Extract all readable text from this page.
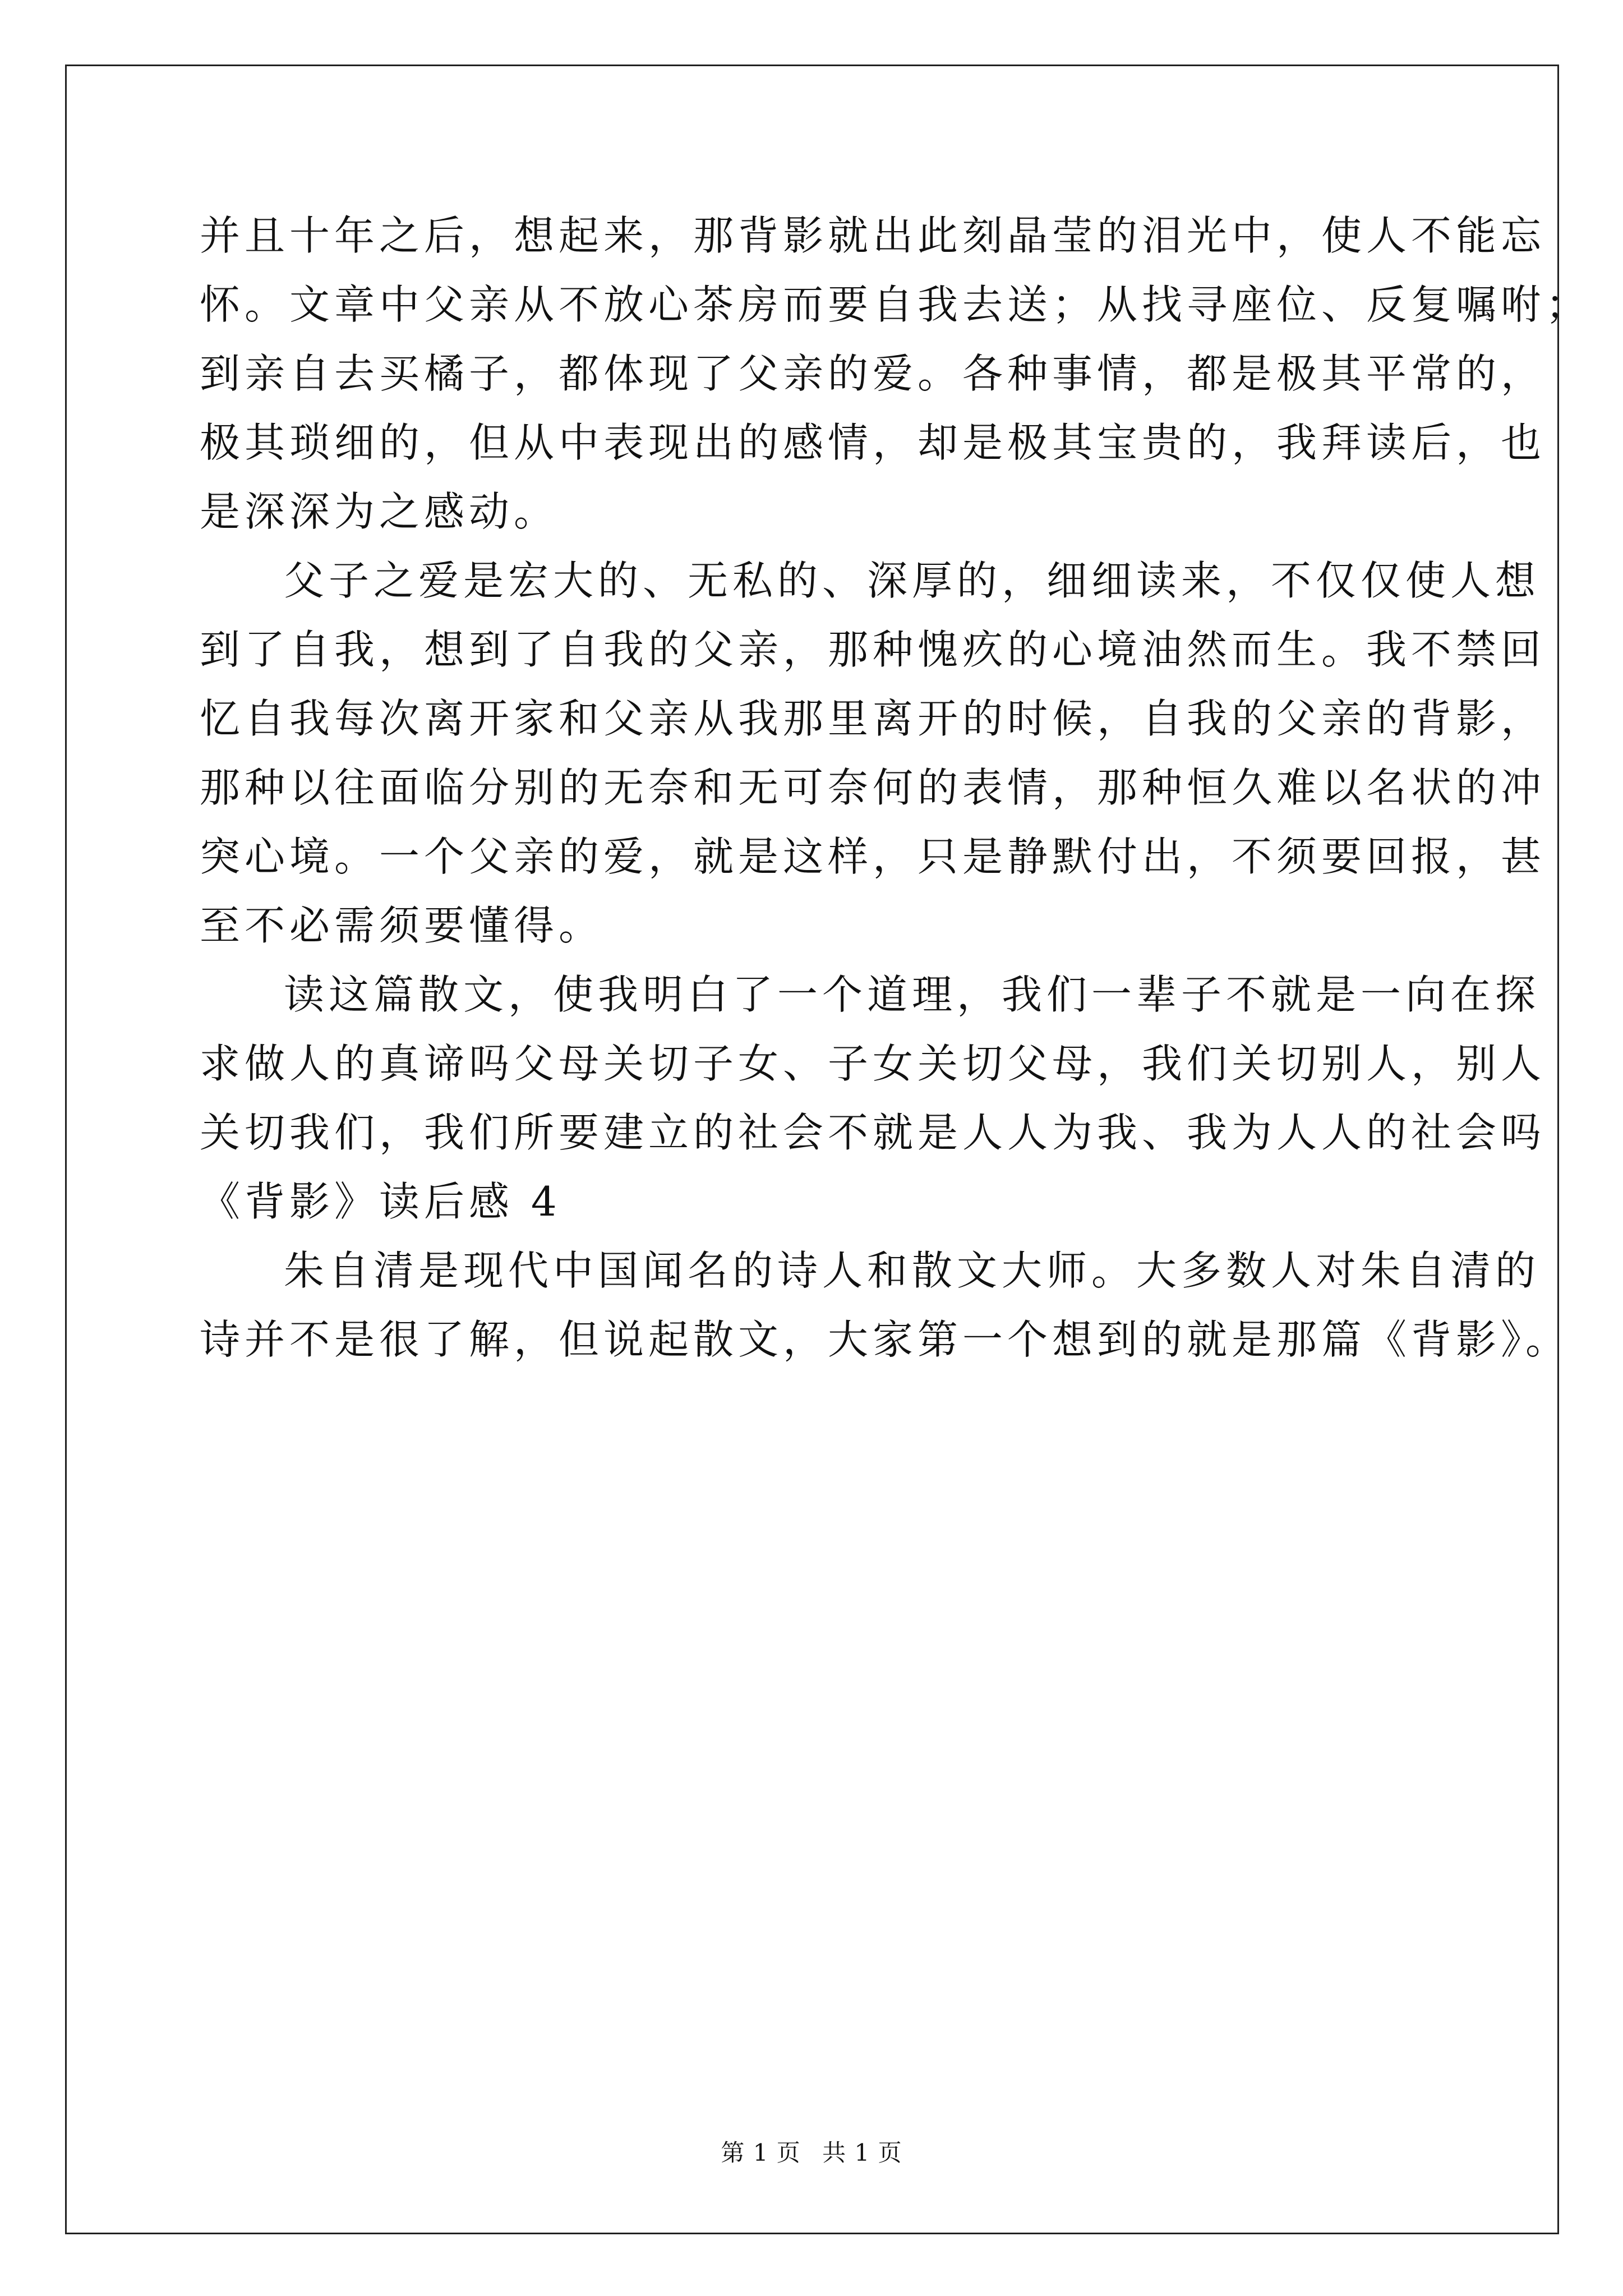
并且十年之后，想起来，那背影就出此刻晶莹的泪光中，使人不能忘
怀。文章中父亲从不放心茶房而要自我去送；从找寻座位、反复嘱咐；
到亲自去买橘子，都体现了父亲的爱。各种事情，都是极其平常的，
极其琐细的，但从中表现出的感情，却是极其宝贵的，我拜读后，也
是深深为之感动。
父子之爱是宏大的、无私的、深厚的，细细读来，不仅仅使人想
到了自我，想到了自我的父亲，那种愧疚的心境油然而生。我不禁回
忆自我每次离开家和父亲从我那里离开的时候，自我的父亲的背影，
那种以往面临分别的无奈和无可奈何的表情，那种恒久难以名状的冲
突心境。一个父亲的爱，就是这样，只是静默付出，不须要回报，甚
至不必需须要懂得。
读这篇散文，使我明白了一个道理，我们一辈子不就是一向在探
求做人的真谛吗父母关切子女、子女关切父母，我们关切别人，别人
关切我们，我们所要建立的社会不就是人人为我、我为人人的社会吗
《背影》读后感 4
朱自清是现代中国闻名的诗人和散文大师。大多数人对朱自清的
诗并不是很了解，但说起散文，大家第一个想到的就是那篇《背影》。
第 1 页 共 1 页
